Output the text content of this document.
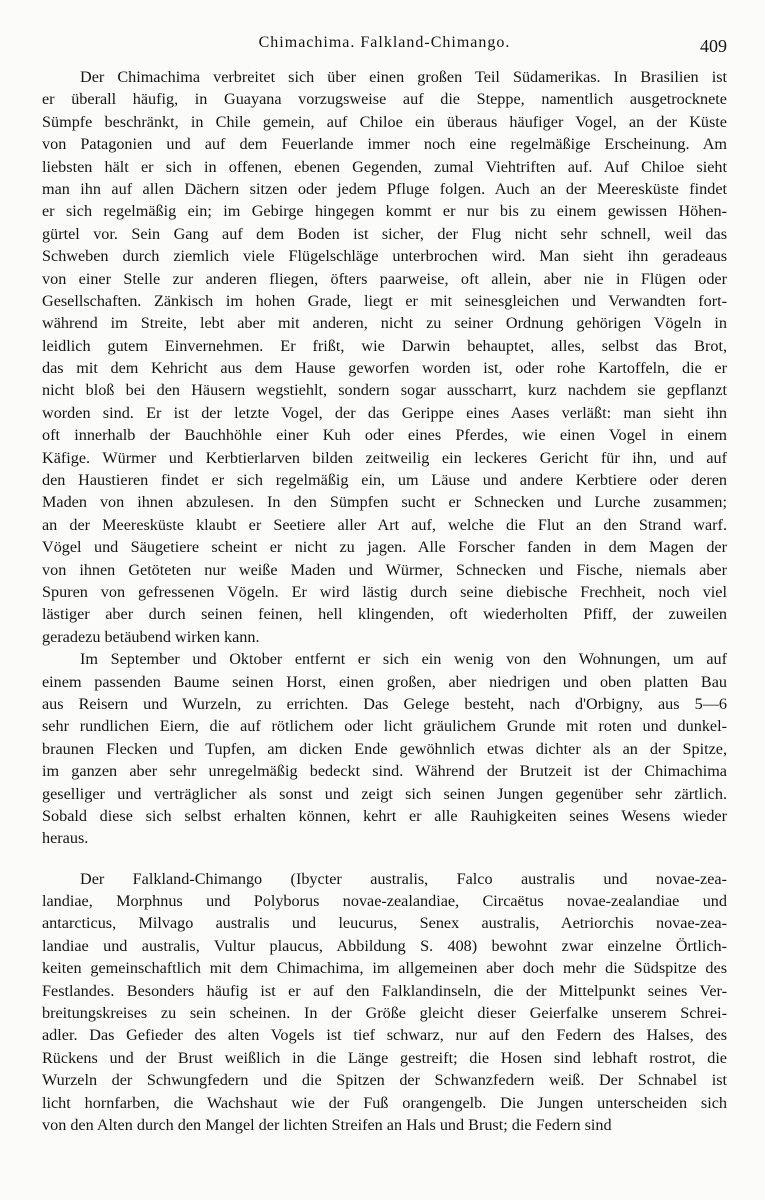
Chimachima. Falkland-Chimango.	409
Der Chimachima verbreitet sich über einen großen Teil Südamerikas. In Brasilien ist
er überall häufig, in Guayana vorzugsweise auf die Steppe, namentlich ausgetrocknete
Sümpfe beschränkt, in Chile gemein, auf Chiloe ein überaus häufiger Vogel, an der Küste
von Patagonien und auf dem Feuerlande immer noch eine regelmäßige Erscheinung. Am
liebsten hält er sich in offenen, ebenen Gegenden, zumal Viehtriften auf. Auf Chiloe sieht
man ihn auf allen Dächern sitzen oder jedem Pfluge folgen. Auch an der Meeresküste findet
er sich regelmäßig ein; im Gebirge hingegen kommt er nur bis zu einem gewissen Höhen-
gürtel vor. Sein Gang auf dem Boden ist sicher, der Flug nicht sehr schnell, weil das
Schweben durch ziemlich viele Flügelschläge unterbrochen wird. Man sieht ihn geradeaus
von einer Stelle zur anderen fliegen, öfters paarweise, oft allein, aber nie in Flügen oder
Gesellschaften. Zänkisch im hohen Grade, liegt er mit seinesgleichen und Verwandten fort-
während im Streite, lebt aber mit anderen, nicht zu seiner Ordnung gehörigen Vögeln in
leidlich gutem Einvernehmen. Er frißt, wie Darwin behauptet, alles, selbst das Brot,
das mit dem Kehricht aus dem Hause geworfen worden ist, oder rohe Kartoffeln, die er
nicht bloß bei den Häusern wegstiehlt, sondern sogar ausscharrt, kurz nachdem sie gepflanzt
worden sind. Er ist der letzte Vogel, der das Gerippe eines Aases verläßt: man sieht ihn
oft innerhalb der Bauchhöhle einer Kuh oder eines Pferdes, wie einen Vogel in einem
Käfige. Würmer und Kerbtierlarven bilden zeitweilig ein leckeres Gericht für ihn, und auf
den Haustieren findet er sich regelmäßig ein, um Läuse und andere Kerbtiere oder deren
Maden von ihnen abzulesen. In den Sümpfen sucht er Schnecken und Lurche zusammen;
an der Meeresküste klaubt er Seetiere aller Art auf, welche die Flut an den Strand warf.
Vögel und Säugetiere scheint er nicht zu jagen. Alle Forscher fanden in dem Magen der
von ihnen Getöteten nur weiße Maden und Würmer, Schnecken und Fische, niemals aber
Spuren von gefressenen Vögeln. Er wird lästig durch seine diebische Frechheit, noch viel
lästiger aber durch seinen feinen, hell klingenden, oft wiederholten Pfiff, der zuweilen
geradezu betäubend wirken kann.
Im September und Oktober entfernt er sich ein wenig von den Wohnungen, um auf
einem passenden Baume seinen Horst, einen großen, aber niedrigen und oben platten Bau
aus Reisern und Wurzeln, zu errichten. Das Gelege besteht, nach d'Orbigny, aus 5—6
sehr rundlichen Eiern, die auf rötlichem oder licht gräulichem Grunde mit roten und dunkel-
braunen Flecken und Tupfen, am dicken Ende gewöhnlich etwas dichter als an der Spitze,
im ganzen aber sehr unregelmäßig bedeckt sind. Während der Brutzeit ist der Chimachima
geselliger und verträglicher als sonst und zeigt sich seinen Jungen gegenüber sehr zärtlich.
Sobald diese sich selbst erhalten können, kehrt er alle Rauhigkeiten seines Wesens wieder
heraus.
Der Falkland-Chimango (Ibycter australis, Falco australis und novae-zea-
landiae, Morphnus und Polyborus novae-zealandiae, Circaëtus novae-zealandiae und
antarcticus, Milvago australis und leucurus, Senex australis, Aetriorchis novae-zea-
landiae und australis, Vultur plaucus, Abbildung S. 408) bewohnt zwar einzelne Örtlich-
keiten gemeinschaftlich mit dem Chimachima, im allgemeinen aber doch mehr die Südspitze des
Festlandes. Besonders häufig ist er auf den Falklandinseln, die der Mittelpunkt seines Ver-
breitungskreises zu sein scheinen. In der Größe gleicht dieser Geierfalke unserem Schrei-
adler. Das Gefieder des alten Vogels ist tief schwarz, nur auf den Federn des Halses, des
Rückens und der Brust weißlich in die Länge gestreift; die Hosen sind lebhaft rostrot, die
Wurzeln der Schwungfedern und die Spitzen der Schwanzfedern weiß. Der Schnabel ist
licht hornfarben, die Wachshaut wie der Fuß orangengelb. Die Jungen unterscheiden sich
von den Alten durch den Mangel der lichten Streifen an Hals und Brust; die Federn sind
